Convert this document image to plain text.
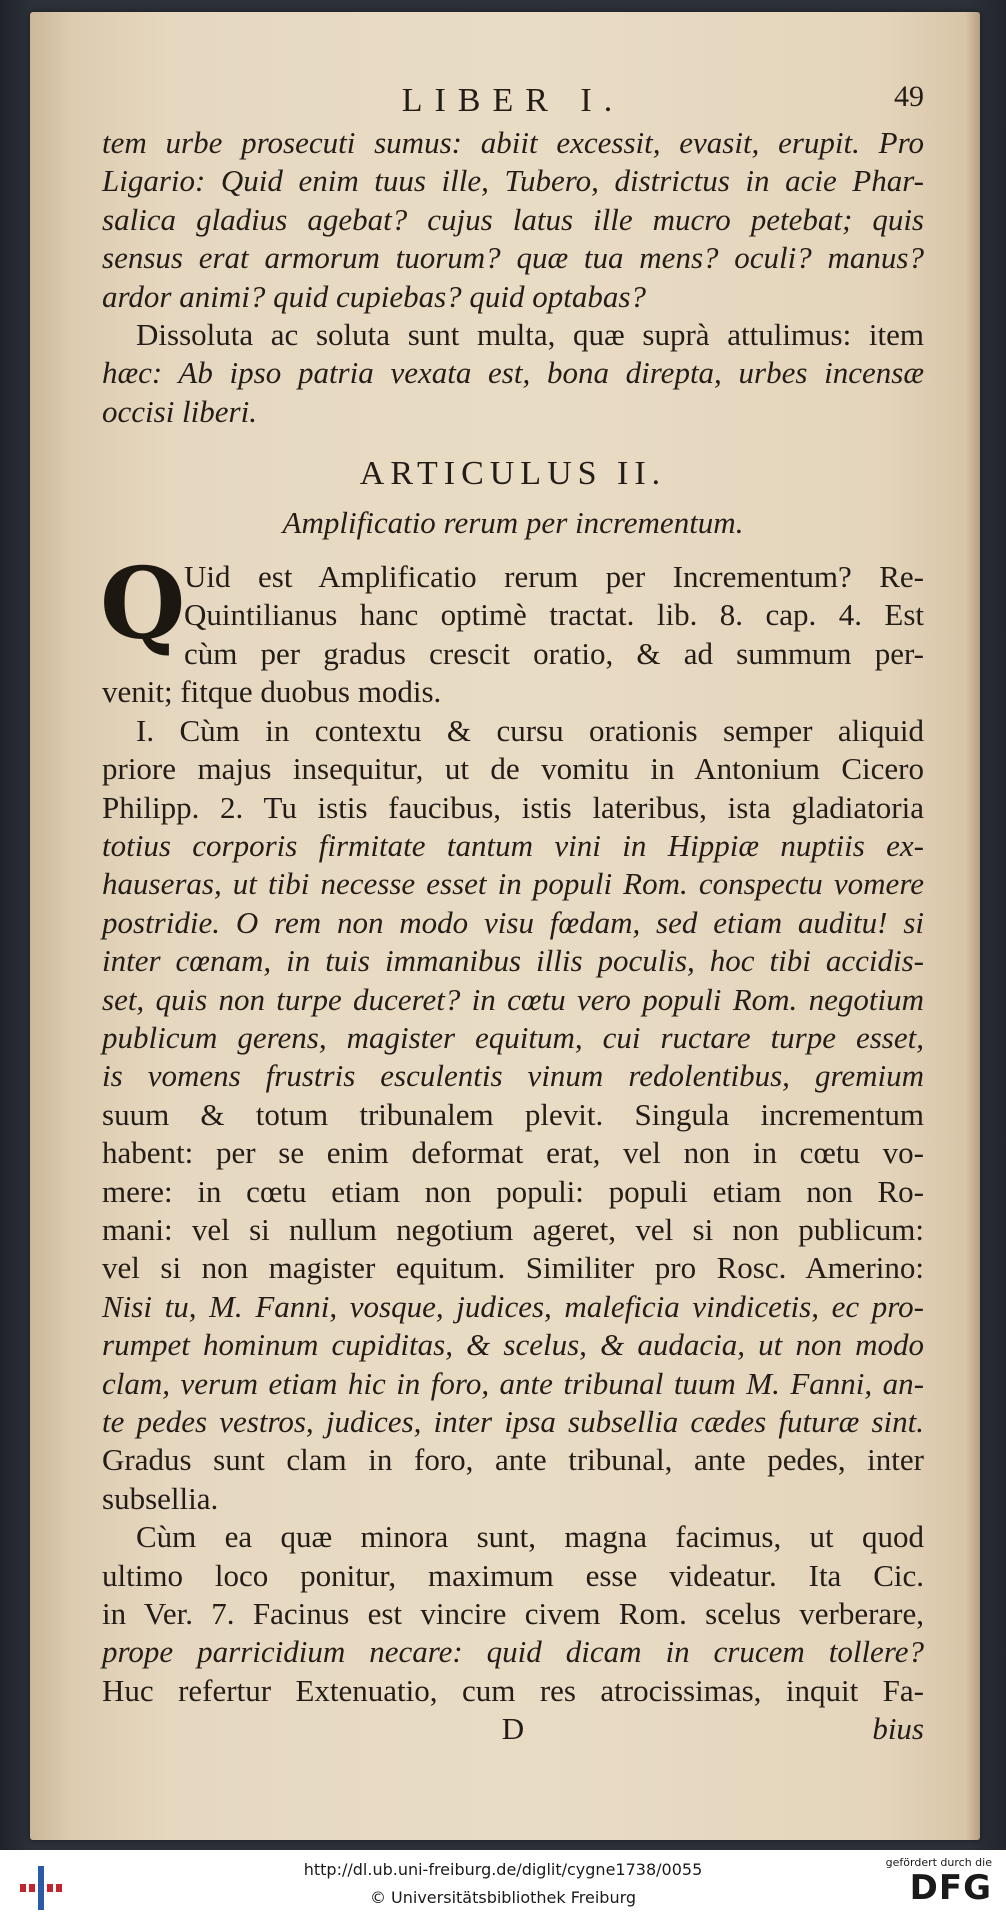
LIBER I.	49
tem urbe prosecuti sumus: abiit excessit, evasit, erupit. Pro
Ligario: Quid enim tuus ille, Tubero, districtus in acie Phar-
salica gladius agebat? cujus latus ille mucro petebat; quis
sensus erat armorum tuorum? quæ tua mens? oculi? manus?
ardor animi? quid cupiebas? quid optabas?
Dissoluta ac soluta sunt multa, quæ suprà attulimus: item
hæc: Ab ipso patria vexata est, bona direpta, urbes incensæ
occisi liberi.
ARTICULUS II.
Amplificatio rerum per incrementum.
Q
Uid est Amplificatio rerum per Incrementum? Re-
Quintilianus hanc optimè tractat. lib. 8. cap. 4. Est
cùm per gradus crescit oratio, & ad summum per-
venit; fitque duobus modis.
I. Cùm in contextu & cursu orationis semper aliquid
priore majus insequitur, ut de vomitu in Antonium Cicero
Philipp. 2. Tu istis faucibus, istis lateribus, ista gladiatoria
totius corporis firmitate tantum vini in Hippiæ nuptiis ex-
hauseras, ut tibi necesse esset in populi Rom. conspectu vomere
postridie. O rem non modo visu fœdam, sed etiam auditu! si
inter cœnam, in tuis immanibus illis poculis, hoc tibi accidis-
set, quis non turpe duceret? in cœtu vero populi Rom. negotium
publicum gerens, magister equitum, cui ructare turpe esset,
is vomens frustris esculentis vinum redolentibus, gremium
suum & totum tribunalem plevit. Singula incrementum
habent: per se enim deformat erat, vel non in cœtu vo-
mere: in cœtu etiam non populi: populi etiam non Ro-
mani: vel si nullum negotium ageret, vel si non publicum:
vel si non magister equitum. Similiter pro Rosc. Amerino:
Nisi tu, M. Fanni, vosque, judices, maleficia vindicetis, ec pro-
rumpet hominum cupiditas, & scelus, & audacia, ut non modo
clam, verum etiam hic in foro, ante tribunal tuum M. Fanni, an-
te pedes vestros, judices, inter ipsa subsellia cædes futuræ sint.
Gradus sunt clam in foro, ante tribunal, ante pedes, inter
subsellia.
Cùm ea quæ minora sunt, magna facimus, ut quod
ultimo loco ponitur, maximum esse videatur. Ita Cic.
in Ver. 7. Facinus est vincire civem Rom. scelus verberare,
prope parricidium necare: quid dicam in crucem tollere?
Huc refertur Extenuatio, cum res atrocissimas, inquit Fa-
D	bius
http://dl.ub.uni-freiburg.de/diglit/cygne1738/0055
© Universitätsbibliothek Freiburg
gefördert durch die
DFG
